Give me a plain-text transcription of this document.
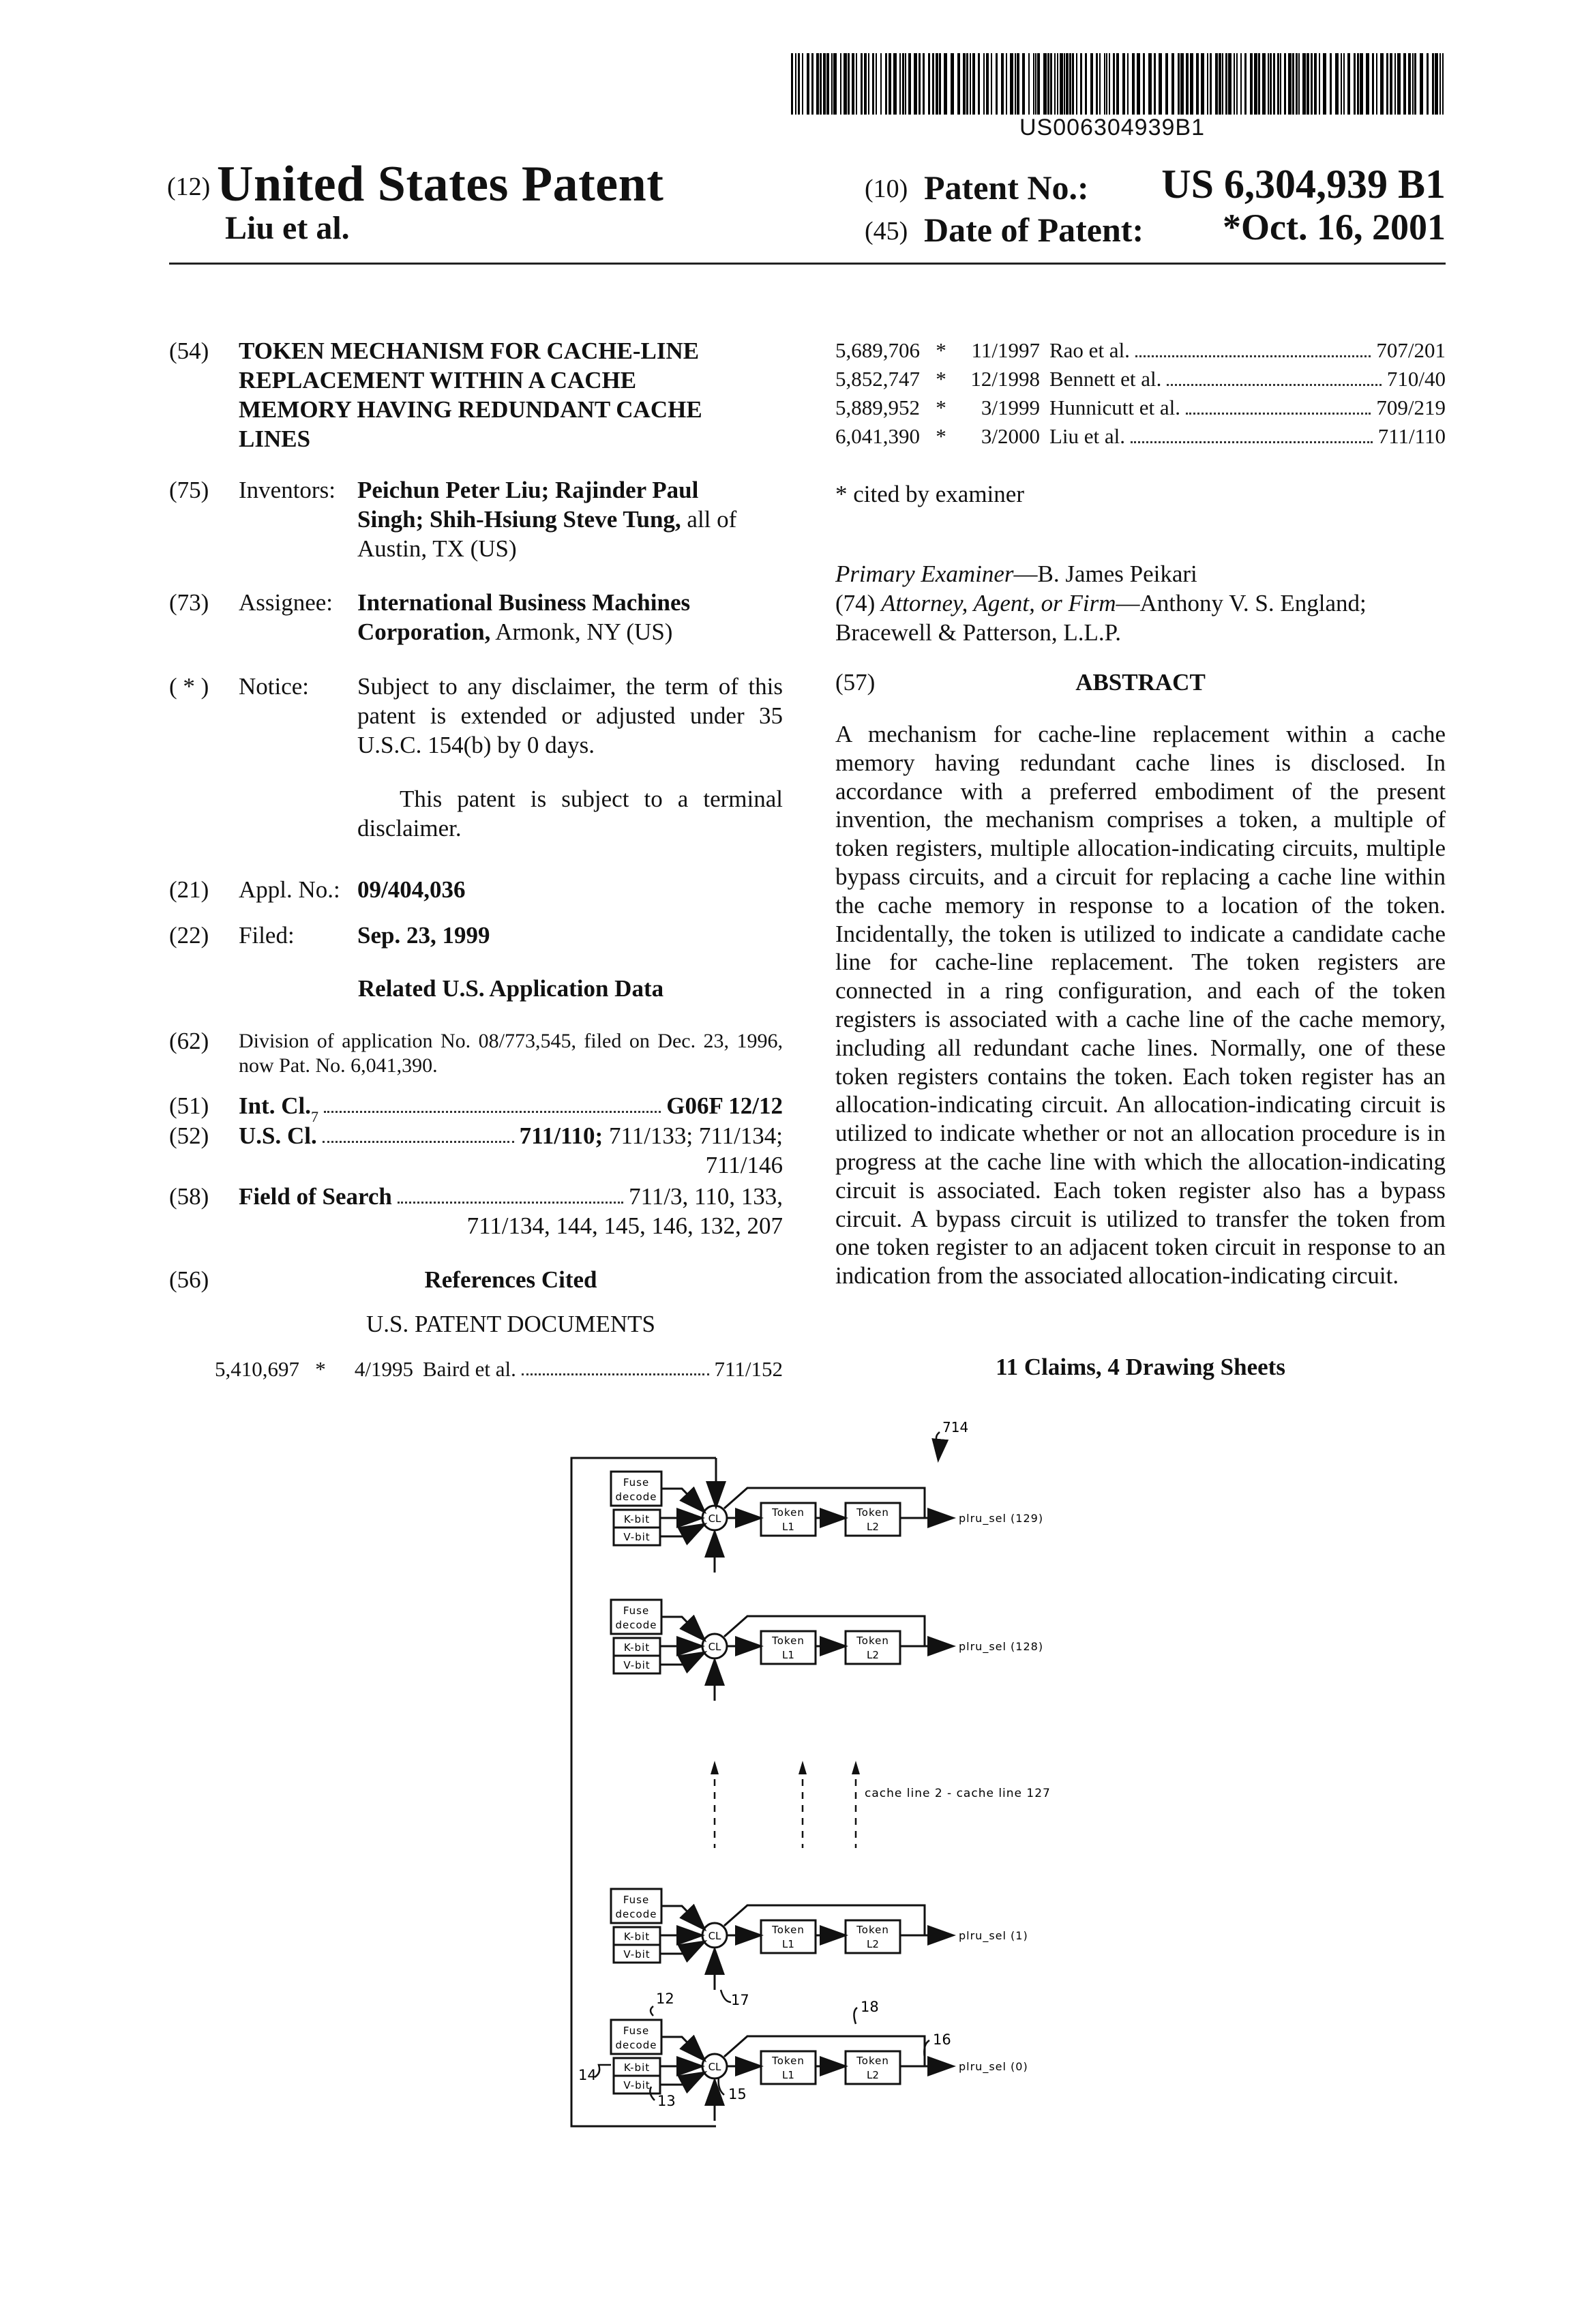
US006304939B1
(12) United States Patent
Liu et al.
(10) Patent No.: US 6,304,939 B1
(45) Date of Patent: *Oct. 16, 2001
(54) TOKEN MECHANISM FOR CACHE-LINE
REPLACEMENT WITHIN A CACHE
MEMORY HAVING REDUNDANT CACHE
LINES
(75) Inventors: Peichun Peter Liu; Rajinder Paul
Singh; Shih-Hsiung Steve Tung, all of
Austin, TX (US)
(73) Assignee: International Business Machines
Corporation, Armonk, NY (US)
( * ) Notice: Subject to any disclaimer, the term of this patent is extended or adjusted under 35 U.S.C. 154(b) by 0 days.
This patent is subject to a terminal disclaimer.
(21) Appl. No.: 09/404,036
(22) Filed:	Sep. 23, 1999
Related U.S. Application Data
(62) Division of application No. 08/773,545, filed on Dec. 23, 1996, now Pat. No. 6,041,390.
(51) Int. $Cl._7$	G06F 12/12
(52) U.S. Cl.	711/110; 711/133; 711/134;
711/146
(58) Field of Search	711/3, 110, 133,
711/134, 144, 145, 146, 132, 207
(56)	References Cited
U.S. PATENT DOCUMENTS
5,410,697 *	4/1995 Baird et al.	711/152
5,689,706 *	11/1997 Rao et al.	707/201
5,852,747 *	12/1998 Bennett et al.	710/40
5,889,952 *	3/1999 Hunnicutt et al.	709/219
6,041,390 *	3/2000 Liu et al.	711/110
* cited by examiner
Primary Examiner—B. James Peikari
(74) Attorney, Agent, or Firm—Anthony V. S. England;
Bracewell & Patterson, L.L.P.
(57)	ABSTRACT
A mechanism for cache-line replacement within a cache memory having redundant cache lines is disclosed. In accordance with a preferred embodiment of the present invention, the mechanism comprises a token, a multiple of token registers, multiple allocation-indicating circuits, multiple bypass circuits, and a circuit for replacing a cache line within the cache memory in response to a location of the token. Incidentally, the token is utilized to indicate a candidate cache line for cache-line replacement. The token registers are connected in a ring configuration, and each of the token registers is associated with a cache line of the cache memory, including all redundant cache lines. Normally, one of these token registers contains the token. Each token register has an allocation-indicating circuit. An allocation-indicating circuit is utilized to indicate whether or not an allocation procedure is in progress at the cache line with which the allocation-indicating circuit is associated. Each token register also has a bypass circuit. A bypass circuit is utilized to transfer the token from one token register to an adjacent token circuit in response to an indication from the associated allocation-indicating circuit.
11 Claims, 4 Drawing Sheets
Fuse
decode
K-bit
V-bit
CL	Token
L1
Token
L2
plru_sel (129)
Fuse
decode
K-bit
V-bit
CL	Token
L1
Token
L2
plru_sel (128)
Fuse
decode
K-bit
V-bit
CL	Token
L1
Token
L2
plru_sel (1)
Fuse
decode
K-bit
V-bit
CL	Token
L1
Token
L2
plru_sel (0)
714
cache line 2 - cache line 127
12	17	18
16
14
13	15
